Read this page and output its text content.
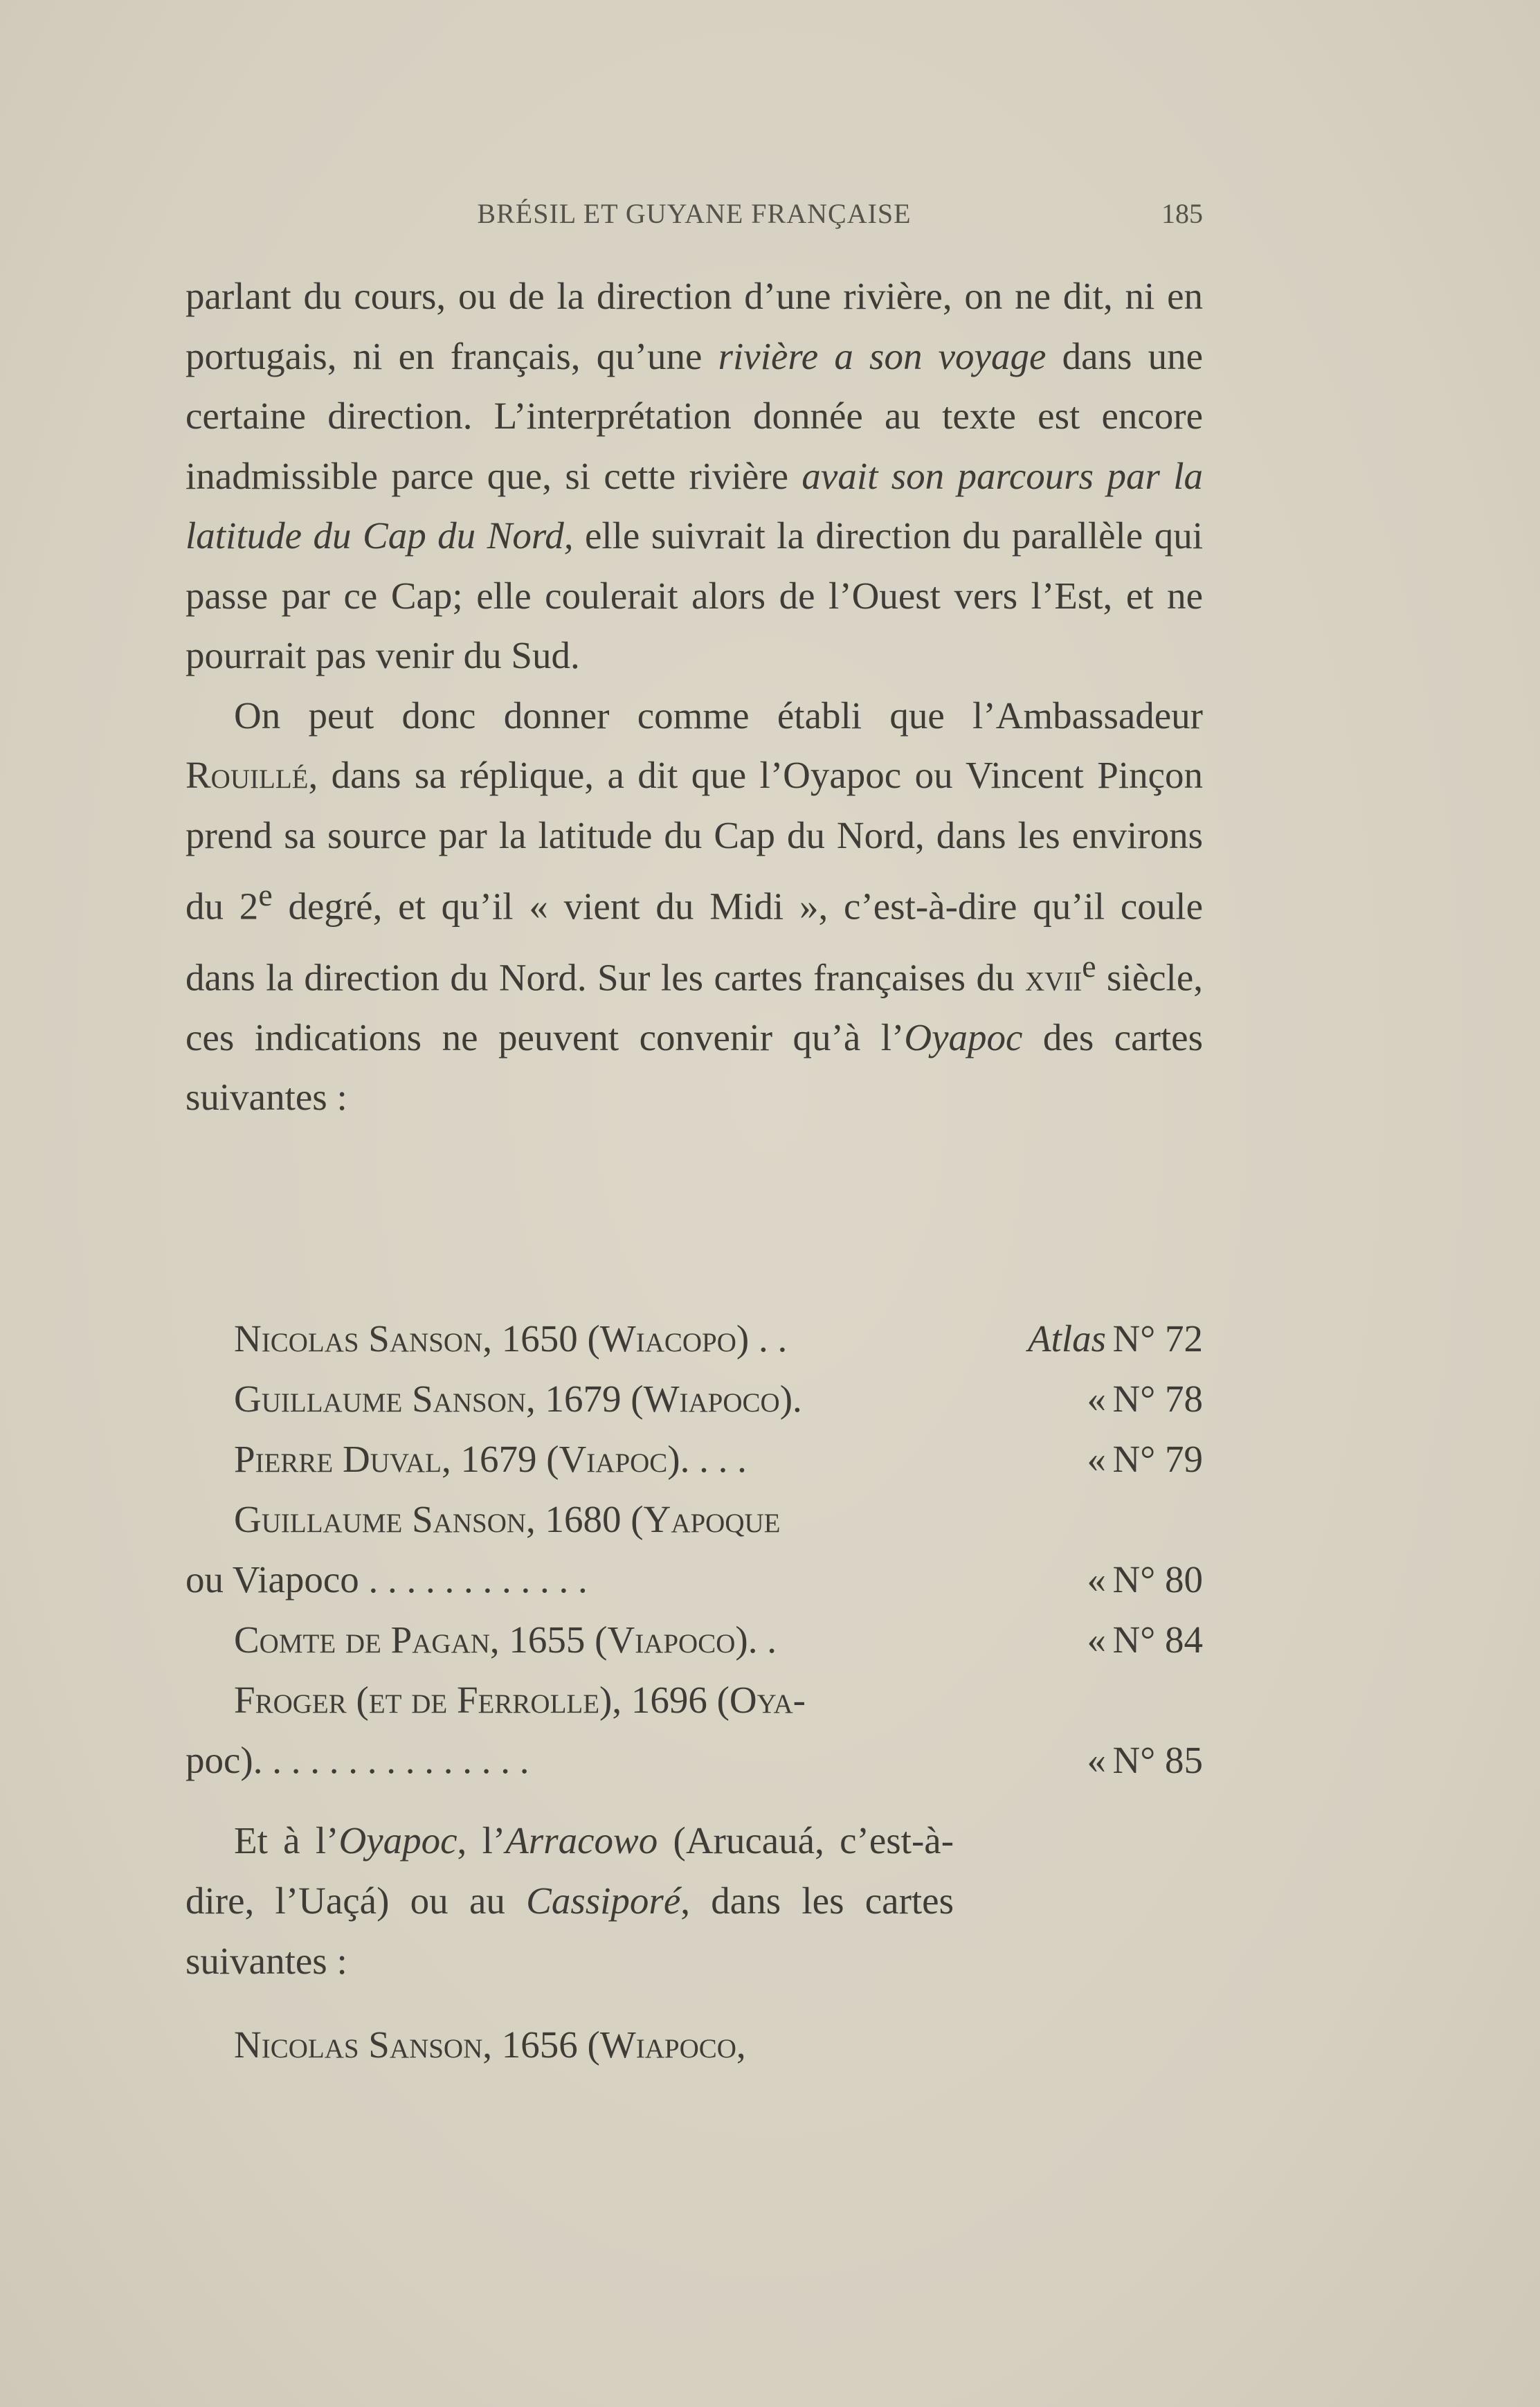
BRÉSIL ET GUYANE FRANÇAISE	185

parlant du cours, ou de la direction d’une rivière, on ne dit, ni en portugais, ni en français, qu’une rivière a son voyage dans une certaine direction. L’interprétation donnée au texte est encore inadmissible parce que, si cette rivière avait son parcours par la latitude du Cap du Nord, elle suivrait la direction du parallèle qui passe par ce Cap; elle coulerait alors de l’Ouest vers l’Est, et ne pourrait pas venir du Sud.

On peut donc donner comme établi que l’Ambassadeur Rouillé, dans sa réplique, a dit que l’Oyapoc ou Vincent Pinçon prend sa source par la latitude du Cap du Nord, dans les environs du 2e degré, et qu’il « vient du Midi », c’est-à-dire qu’il coule dans la direction du Nord. Sur les cartes françaises du xvii$^e$ siècle, ces indications ne peuvent convenir qu’à l’Oyapoc des cartes suivantes :

Nicolas Sanson, 1650 (Wiacopo) . .	Atlas N° 72
Guillaume Sanson, 1679 (Wiapoco).	« N° 78
Pierre Duval, 1679 (Viapoc). . . .	« N° 79
Guillaume Sanson, 1680 (Yapoque
ou Viapoco . . . . . . . . . . . .	« N° 80
Comte de Pagan, 1655 (Viapoco). .	« N° 84
Froger (et de Ferrolle), 1696 (Oya-
poc). . . . . . . . . . . . . . .	« N° 85

Et à l’Oyapoc, l’Arracowo (Arucauá, c’est-à-dire, l’Uaçá) ou au Cassiporé, dans les cartes suivantes :

Nicolas Sanson, 1656 (Wiapoco,
